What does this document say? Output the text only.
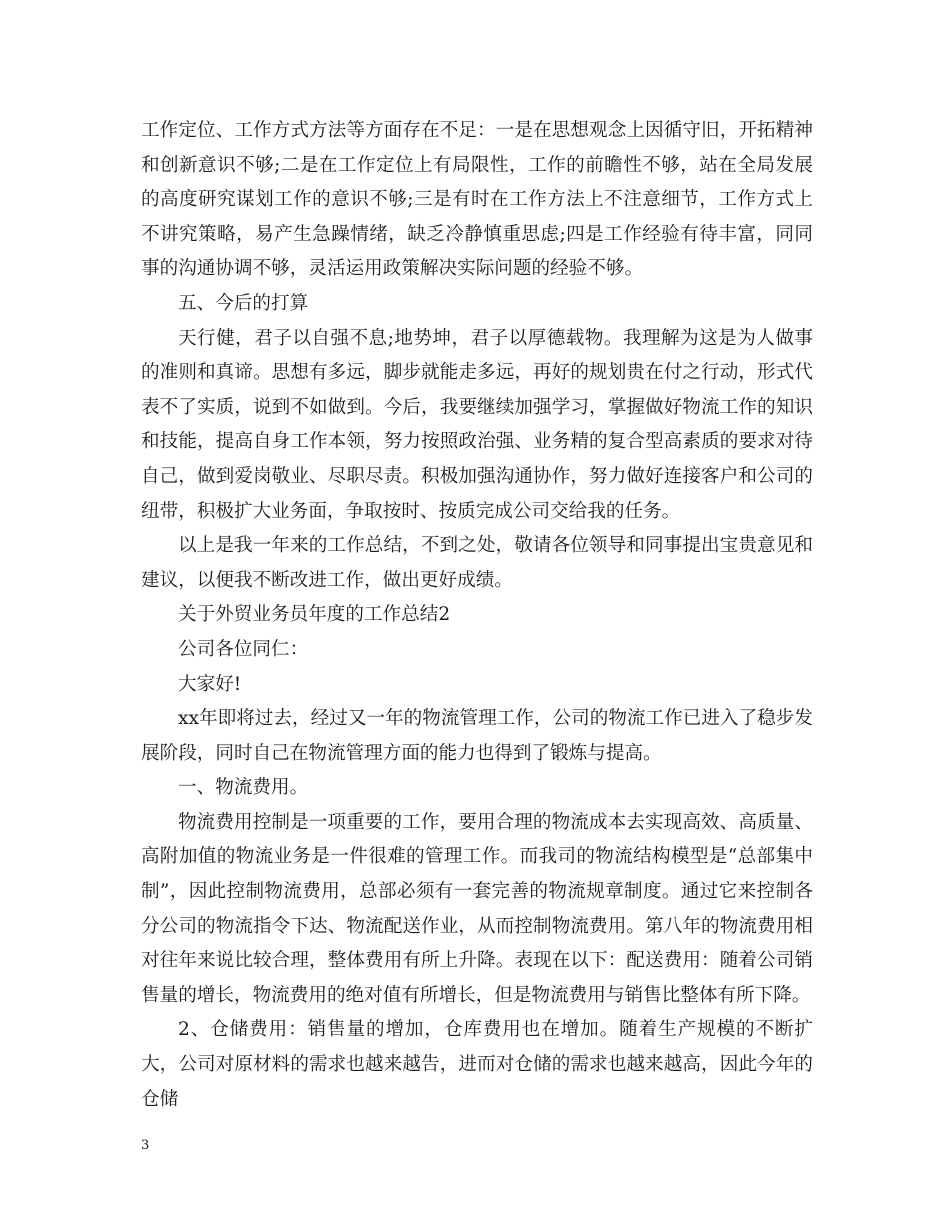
工作定位、工作方式方法等方面存在不足：一是在思想观念上因循守旧，开拓精神和创新意识不够;二是在工作定位上有局限性，工作的前瞻性不够，站在全局发展的高度研究谋划工作的意识不够;三是有时在工作方法上不注意细节，工作方式上不讲究策略，易产生急躁情绪，缺乏冷静慎重思虑;四是工作经验有待丰富，同同事的沟通协调不够，灵活运用政策解决实际问题的经验不够。

五、今后的打算

天行健，君子以自强不息;地势坤，君子以厚德载物。我理解为这是为人做事的准则和真谛。思想有多远，脚步就能走多远，再好的规划贵在付之行动，形式代表不了实质，说到不如做到。今后，我要继续加强学习，掌握做好物流工作的知识和技能，提高自身工作本领，努力按照政治强、业务精的复合型高素质的要求对待自己，做到爱岗敬业、尽职尽责。积极加强沟通协作，努力做好连接客户和公司的纽带，积极扩大业务面，争取按时、按质完成公司交给我的任务。

以上是我一年来的工作总结，不到之处，敬请各位领导和同事提出宝贵意见和建议，以便我不断改进工作，做出更好成绩。

关于外贸业务员年度的工作总结2

公司各位同仁：

大家好!

xx年即将过去，经过又一年的物流管理工作，公司的物流工作已进入了稳步发展阶段，同时自己在物流管理方面的能力也得到了锻炼与提高。

一、物流费用。

物流费用控制是一项重要的工作，要用合理的物流成本去实现高效、高质量、高附加值的物流业务是一件很难的管理工作。而我司的物流结构模型是“总部集中制”，因此控制物流费用，总部必须有一套完善的物流规章制度。通过它来控制各分公司的物流指令下达、物流配送作业，从而控制物流费用。第八年的物流费用相对往年来说比较合理，整体费用有所上升降。表现在以下：配送费用：随着公司销售量的增长，物流费用的绝对值有所增长，但是物流费用与销售比整体有所下降。

2、仓储费用：销售量的增加，仓库费用也在增加。随着生产规模的不断扩大，公司对原材料的需求也越来越告，进而对仓储的需求也越来越高，因此今年的仓储

3
